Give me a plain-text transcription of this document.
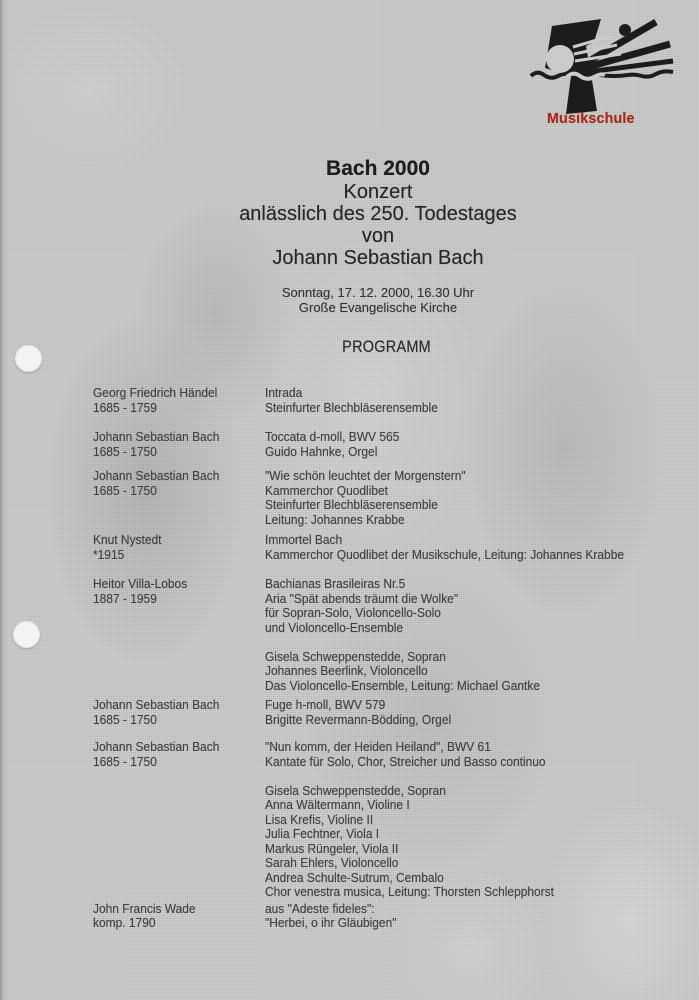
Musikschule
Bach 2000
Konzert
anlässlich des 250. Todestages
von
Johann Sebastian Bach
Sonntag, 17. 12. 2000, 16.30 Uhr
Große Evangelische Kirche
PROGRAMM
Georg Friedrich Händel
1685 - 1759
Intrada
Steinfurter Blechbläserensemble
Johann Sebastian Bach
1685 - 1750
Toccata d-moll, BWV 565
Guido Hahnke, Orgel
Johann Sebastian Bach
1685 - 1750
"Wie schön leuchtet der Morgenstern"
Kammerchor Quodlibet
Steinfurter Blechbläserensemble
Leitung: Johannes Krabbe
Knut Nystedt
*1915
Immortel Bach
Kammerchor Quodlibet der Musikschule, Leitung: Johannes Krabbe
Heitor Villa-Lobos
1887 - 1959
Bachianas Brasileiras Nr.5
Aria "Spät abends träumt die Wolke"
für Sopran-Solo, Violoncello-Solo
und Violoncello-Ensemble
Gisela Schweppenstedde, Sopran
Johannes Beerlink, Violoncello
Das Violoncello-Ensemble, Leitung: Michael Gantke
Johann Sebastian Bach
1685 - 1750
Fuge h-moll, BWV 579
Brigitte Revermann-Bödding, Orgel
Johann Sebastian Bach
1685 - 1750
"Nun komm, der Heiden Heiland", BWV 61
Kantate für Solo, Chor, Streicher und Basso continuo
Gisela Schweppenstedde, Sopran
Anna Wältermann, Violine I
Lisa Krefis, Violine II
Julia Fechtner, Viola I
Markus Rüngeler, Viola II
Sarah Ehlers, Violoncello
Andrea Schulte-Sutrum, Cembalo
Chor venestra musica, Leitung: Thorsten Schlepphorst
John Francis Wade
komp. 1790
aus "Adeste fideles":
"Herbei, o ihr Gläubigen"
